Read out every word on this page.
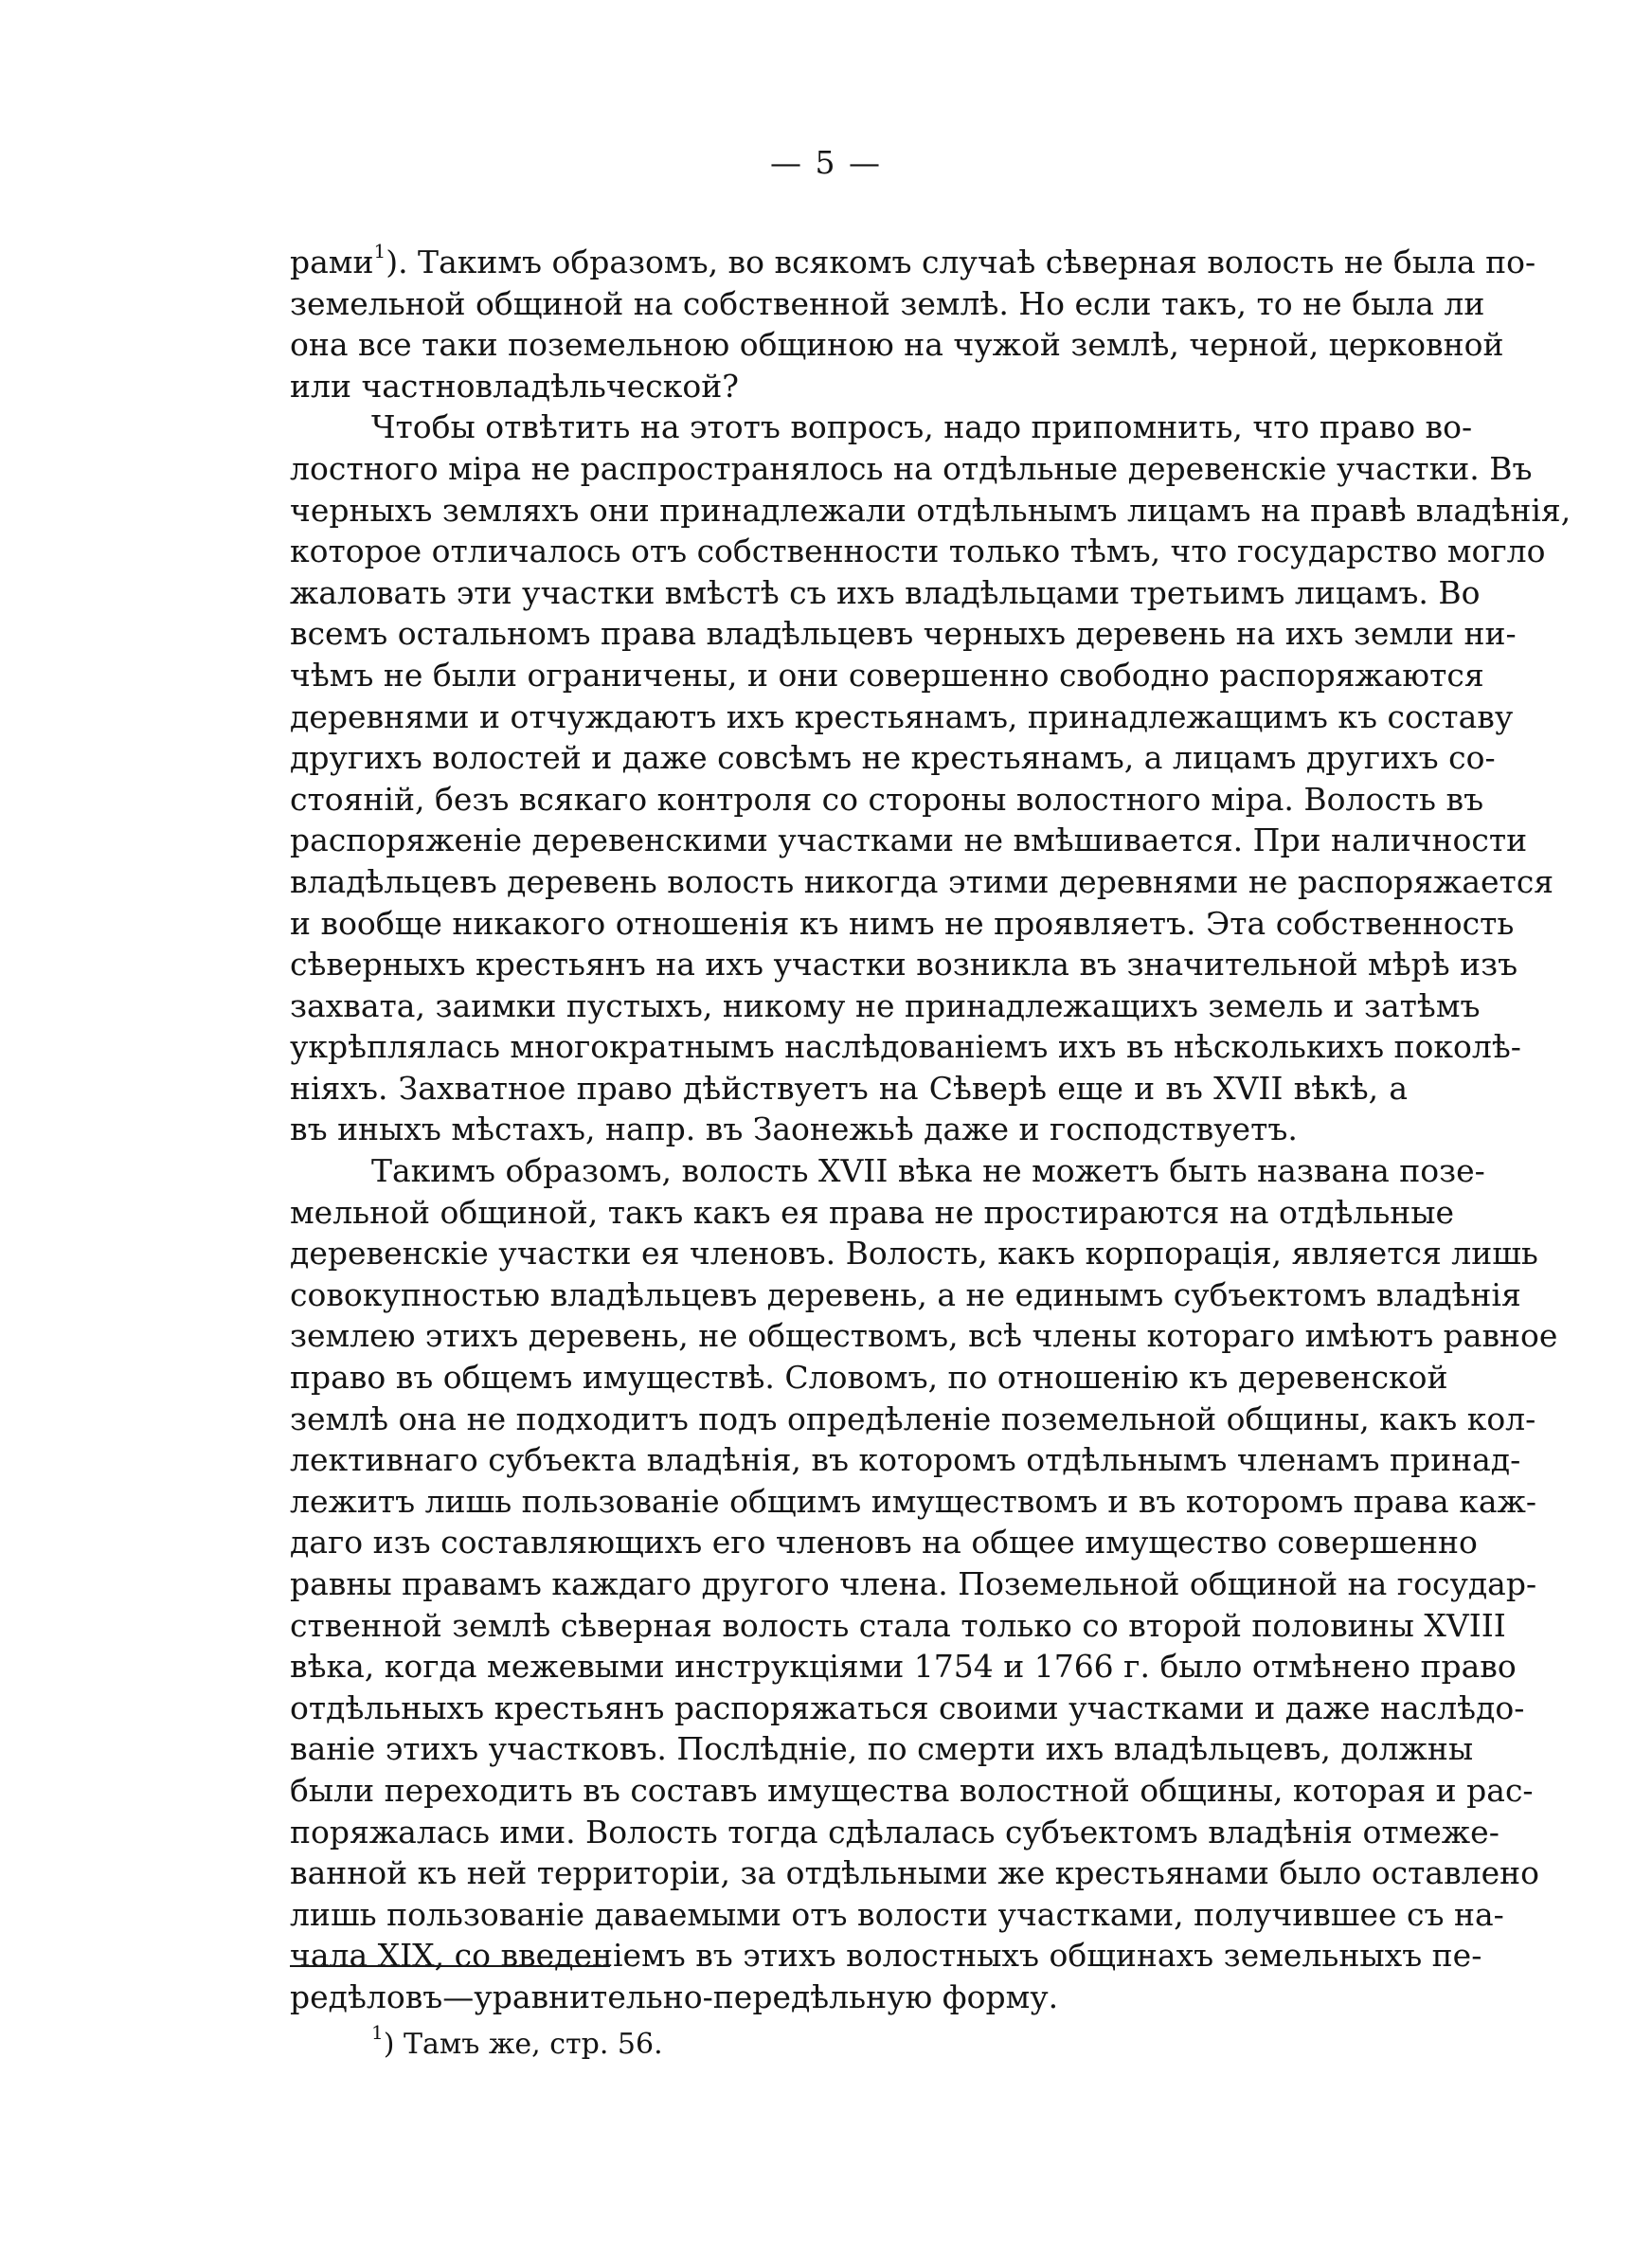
— 5 —
рами$^1$). Такимъ образомъ, во всякомъ случаѣ сѣверная волость не была по-
земельной общиной на собственной землѣ. Но если такъ, то не была ли
она все таки поземельною общиною на чужой землѣ, черной, церковной
или частновладѣльческой?
Чтобы отвѣтить на этотъ вопросъ, надо припомнить, что право во-
лостного міра не распространялось на отдѣльные деревенскіе участки. Въ
черныхъ земляхъ они принадлежали отдѣльнымъ лицамъ на правѣ владѣнія,
которое отличалось отъ собственности только тѣмъ, что государство могло
жаловать эти участки вмѣстѣ съ ихъ владѣльцами третьимъ лицамъ. Во
всемъ остальномъ права владѣльцевъ черныхъ деревень на ихъ земли ни-
чѣмъ не были ограничены, и они совершенно свободно распоряжаются
деревнями и отчуждаютъ ихъ крестьянамъ, принадлежащимъ къ составу
другихъ волостей и даже совсѣмъ не крестьянамъ, а лицамъ другихъ со-
стояній, безъ всякаго контроля со стороны волостного міра. Волость въ
распоряженіе деревенскими участками не вмѣшивается. При наличности
владѣльцевъ деревень волость никогда этими деревнями не распоряжается
и вообще никакого отношенія къ нимъ не проявляетъ. Эта собственность
сѣверныхъ крестьянъ на ихъ участки возникла въ значительной мѣрѣ изъ
захвата, заимки пустыхъ, никому не принадлежащихъ земель и затѣмъ
укрѣплялась многократнымъ наслѣдованіемъ ихъ въ нѣсколькихъ поколѣ-
ніяхъ. Захватное право дѣйствуетъ на Сѣверѣ еще и въ XVII вѣкѣ, а
въ иныхъ мѣстахъ, напр. въ Заонежьѣ даже и господствуетъ.
Такимъ образомъ, волость XVII вѣка не можетъ быть названа позе-
мельной общиной, такъ какъ ея права не простираются на отдѣльные
деревенскіе участки ея членовъ. Волость, какъ корпорація, является лишь
совокупностью владѣльцевъ деревень, а не единымъ субъектомъ владѣнія
землею этихъ деревень, не обществомъ, всѣ члены котораго имѣютъ равное
право въ общемъ имуществѣ. Словомъ, по отношенію къ деревенской
землѣ она не подходитъ подъ опредѣленіе поземельной общины, какъ кол-
лективнаго субъекта владѣнія, въ которомъ отдѣльнымъ членамъ принад-
лежитъ лишь пользованіе общимъ имуществомъ и въ которомъ права каж-
даго изъ составляющихъ его членовъ на общее имущество совершенно
равны правамъ каждаго другого члена. Поземельной общиной на государ-
ственной землѣ сѣверная волость стала только со второй половины XVIII
вѣка, когда межевыми инструкціями 1754 и 1766 г. было отмѣнено право
отдѣльныхъ крестьянъ распоряжаться своими участками и даже наслѣдо-
ваніе этихъ участковъ. Послѣдніе, по смерти ихъ владѣльцевъ, должны
были переходить въ составъ имущества волостной общины, которая и рас-
поряжалась ими. Волость тогда сдѣлалась субъектомъ владѣнія отмеже-
ванной къ ней территоріи, за отдѣльными же крестьянами было оставлено
лишь пользованіе даваемыми отъ волости участками, получившее съ на-
чала XIX, со введеніемъ въ этихъ волостныхъ общинахъ земельныхъ пе-
редѣловъ—уравнительно-передѣльную форму.
$^1$) Тамъ же, стр. 56.
